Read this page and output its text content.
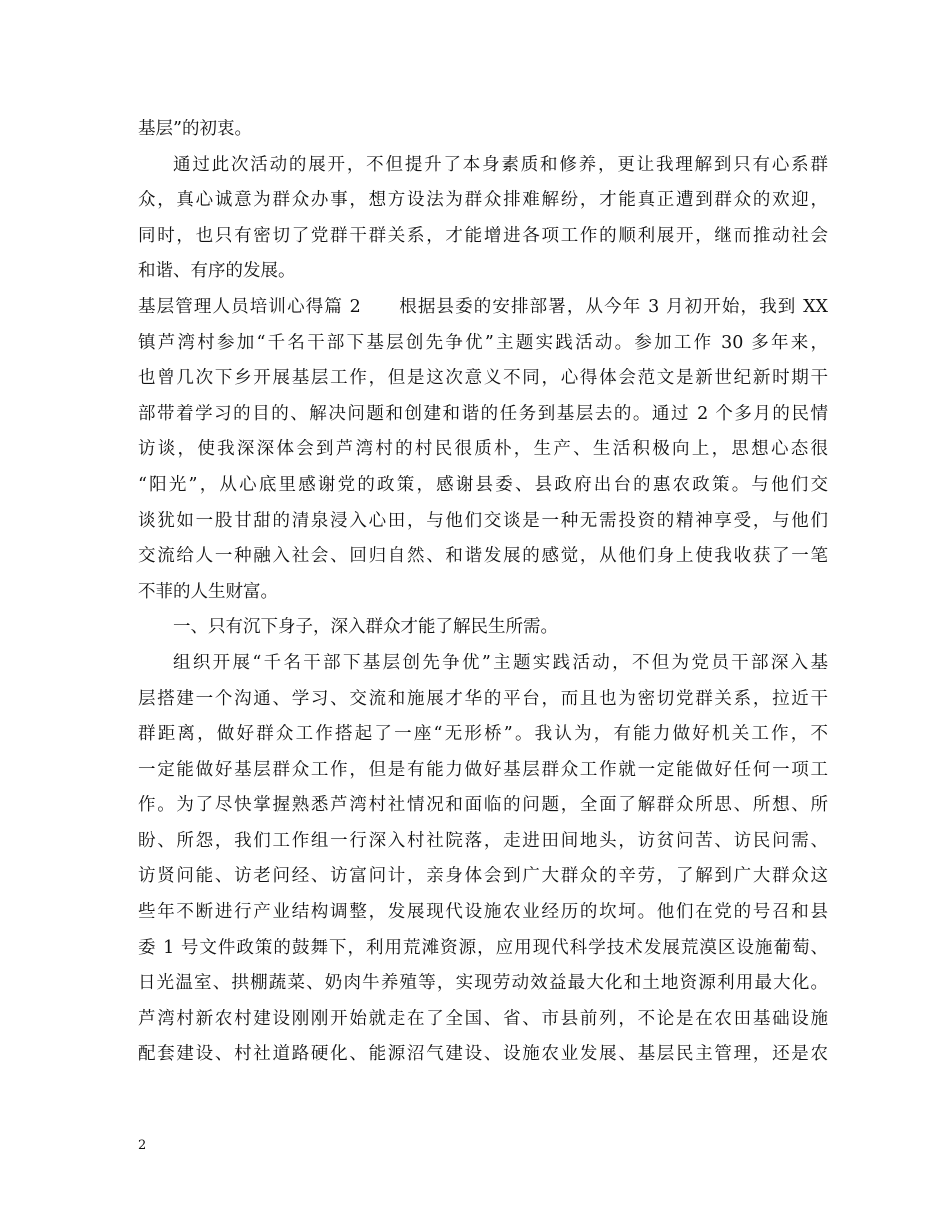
基层”的初衷。
通过此次活动的展开，不但提升了本身素质和修养，更让我理解到只有心系群
众，真心诚意为群众办事，想方设法为群众排难解纷，才能真正遭到群众的欢迎，
同时，也只有密切了党群干群关系，才能增进各项工作的顺利展开，继而推动社会
和谐、有序的发展。
基层管理人员培训心得篇 2　　根据县委的安排部署，从今年 3 月初开始，我到 XX
镇芦湾村参加“千名干部下基层创先争优”主题实践活动。参加工作 30 多年来，
也曾几次下乡开展基层工作，但是这次意义不同，心得体会范文是新世纪新时期干
部带着学习的目的、解决问题和创建和谐的任务到基层去的。通过 2 个多月的民情
访谈，使我深深体会到芦湾村的村民很质朴，生产、生活积极向上，思想心态很
“阳光”，从心底里感谢党的政策，感谢县委、县政府出台的惠农政策。与他们交
谈犹如一股甘甜的清泉浸入心田，与他们交谈是一种无需投资的精神享受，与他们
交流给人一种融入社会、回归自然、和谐发展的感觉，从他们身上使我收获了一笔
不菲的人生财富。
一、只有沉下身子，深入群众才能了解民生所需。
组织开展“千名干部下基层创先争优”主题实践活动，不但为党员干部深入基
层搭建一个沟通、学习、交流和施展才华的平台，而且也为密切党群关系，拉近干
群距离，做好群众工作搭起了一座“无形桥”。我认为，有能力做好机关工作，不
一定能做好基层群众工作，但是有能力做好基层群众工作就一定能做好任何一项工
作。为了尽快掌握熟悉芦湾村社情况和面临的问题，全面了解群众所思、所想、所
盼、所怨，我们工作组一行深入村社院落，走进田间地头，访贫问苦、访民问需、
访贤问能、访老问经、访富问计，亲身体会到广大群众的辛劳，了解到广大群众这
些年不断进行产业结构调整，发展现代设施农业经历的坎坷。他们在党的号召和县
委 1 号文件政策的鼓舞下，利用荒滩资源，应用现代科学技术发展荒漠区设施葡萄、
日光温室、拱棚蔬菜、奶肉牛养殖等，实现劳动效益最大化和土地资源利用最大化。
芦湾村新农村建设刚刚开始就走在了全国、省、市县前列，不论是在农田基础设施
配套建设、村社道路硬化、能源沼气建设、设施农业发展、基层民主管理，还是农
2
